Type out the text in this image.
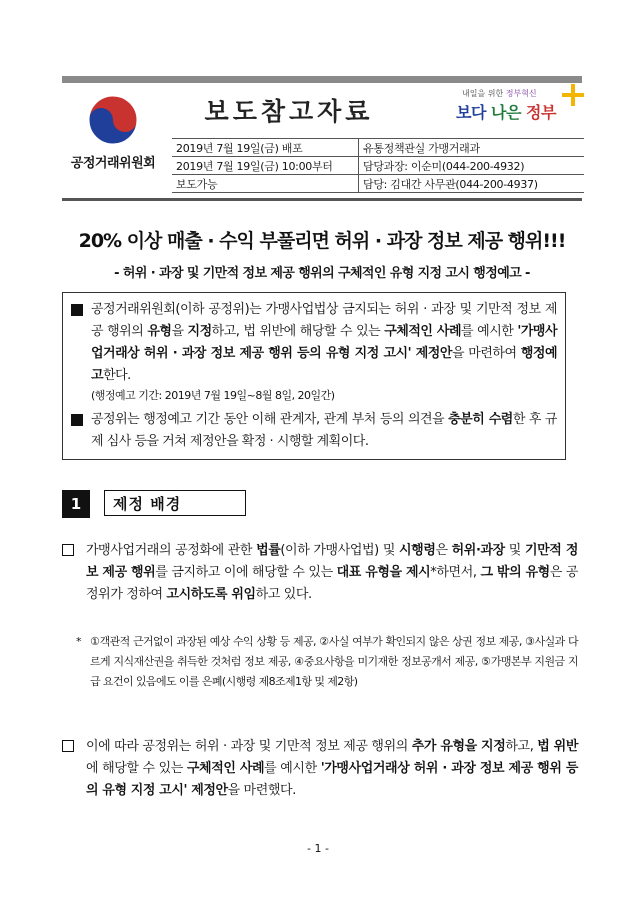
공정거래위원회
보도참고자료
내일을 위한 정부혁신
보다 나은 정부
2019년 7월 19일(금) 배포	유통정책관실 가맹거래과
2019년 7월 19일(금) 10:00부터	담당과장: 이순미(044-200-4932)
보도가능	담당: 김대간 사무관(044-200-4937)
20% 이상 매출 · 수익 부풀리면 허위 · 과장 정보 제공 행위!!!
- 허위 · 과장 및 기만적 정보 제공 행위의 구체적인 유형 지정 고시 행정예고 -
공정거래위원회(이하 공정위)는 가맹사업법상 금지되는 허위 · 과장 및 기만적 정보 제공 행위의 유형을 지정하고, 법 위반에 해당할 수 있는 구체적인 사례를 예시한 '가맹사업거래상 허위 · 과장 정보 제공 행위 등의 유형 지정 고시' 제정안을 마련하여 행정예고한다.
(행정예고 기간: 2019년 7월 19일~8월 8일, 20일간)
공정위는 행정예고 기간 동안 이해 관계자, 관계 부처 등의 의견을 충분히 수렴한 후 규제 심사 등을 거쳐 제정안을 확정 · 시행할 계획이다.
1	제정 배경
가맹사업거래의 공정화에 관한 법률(이하 가맹사업법) 및 시행령은 허위·과장 및 기만적 정보 제공 행위를 금지하고 이에 해당할 수 있는 대표 유형을 제시*하면서, 그 밖의 유형은 공정위가 정하여 고시하도록 위임하고 있다.
* ①객관적 근거없이 과장된 예상 수익 상황 등 제공, ②사실 여부가 확인되지 않은 상권 정보 제공, ③사실과 다르게 지식재산권을 취득한 것처럼 정보 제공, ④중요사항을 미기재한 정보공개서 제공, ⑤가맹본부 지원금 지급 요건이 있음에도 이를 은폐(시행령 제8조제1항 및 제2항)
이에 따라 공정위는 허위 · 과장 및 기만적 정보 제공 행위의 추가 유형을 지정하고, 법 위반에 해당할 수 있는 구체적인 사례를 예시한 '가맹사업거래상 허위 · 과장 정보 제공 행위 등의 유형 지정 고시' 제정안을 마련했다.
- 1 -
